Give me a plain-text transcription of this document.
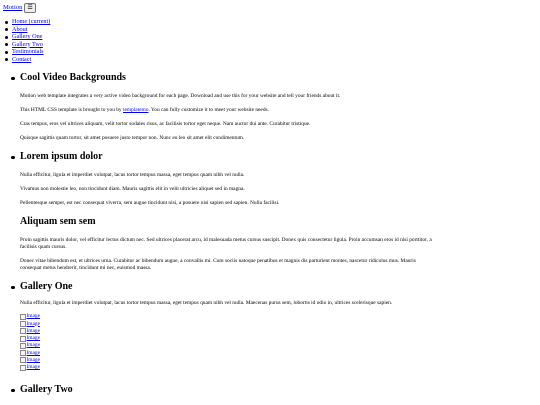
Motion ☰
Home (current)
About
Gallery One
Gallery Two
Testimonials
Contact
Cool Video Backgrounds

Motion web template integrates a very active video background for each page. Download and use this for your website and tell your friends about it.

This HTML CSS template is brought to you by templatemo. You can fully customize it to meet your website needs.

Cras tempus, eros vel ultrices aliquam, velit tortor sodales risus, ac facilisis tortor eget neque. Nam auctor dui ante. Curabitur tristique.

Quisque sagittis quam tortor, sit amet posuere justo tempor non. Nunc eu leo sit amet elit condimentum.

Lorem ipsum dolor

Nulla efficitur, ligula et imperdiet volutpat, lacus tortor tempus massa, eget tempus quam nibh vel nulla.

Vivamus non molestie leo, non tincidunt diam. Mauris sagittis elit in velit ultricies aliquet sed in magna.

Pellentesque semper, est nec consequat viverra, sem augue tincidunt nisi, a posuere nisi sapien sed sapien. Nulla facilisi.

Aliquam sem sem

Proin sagittis mauris dolor, vel efficitur lectus dictum nec. Sed ultrices placerat arcu, id malesuada metus cursus suscipit. Donex quis consectetur ligula. Proin accumsan eros id nisi porttitor, a

facilisis quam cursus.

Donec vitae bibendum est, et ultrices urna. Curabitur ac bibendum augue, a convallis mi. Cum sociis natoque penatibus et magnis dis parturient montes, nascetur ridiculus mus. Mauris

consequat metus hendrerit, tincidunt mi nec, euismod massa.

Gallery One

Nulla efficitur, ligula et imperdiet volutpat, lacus tortor tempus massa, eget tempus quam nibh vel nulla. Maecenas purus sem, lobortis id odio in, ultrices scelerisque sapien.

Image
Image
Image
Image
Image
Image
Image
Image
Gallery Two
